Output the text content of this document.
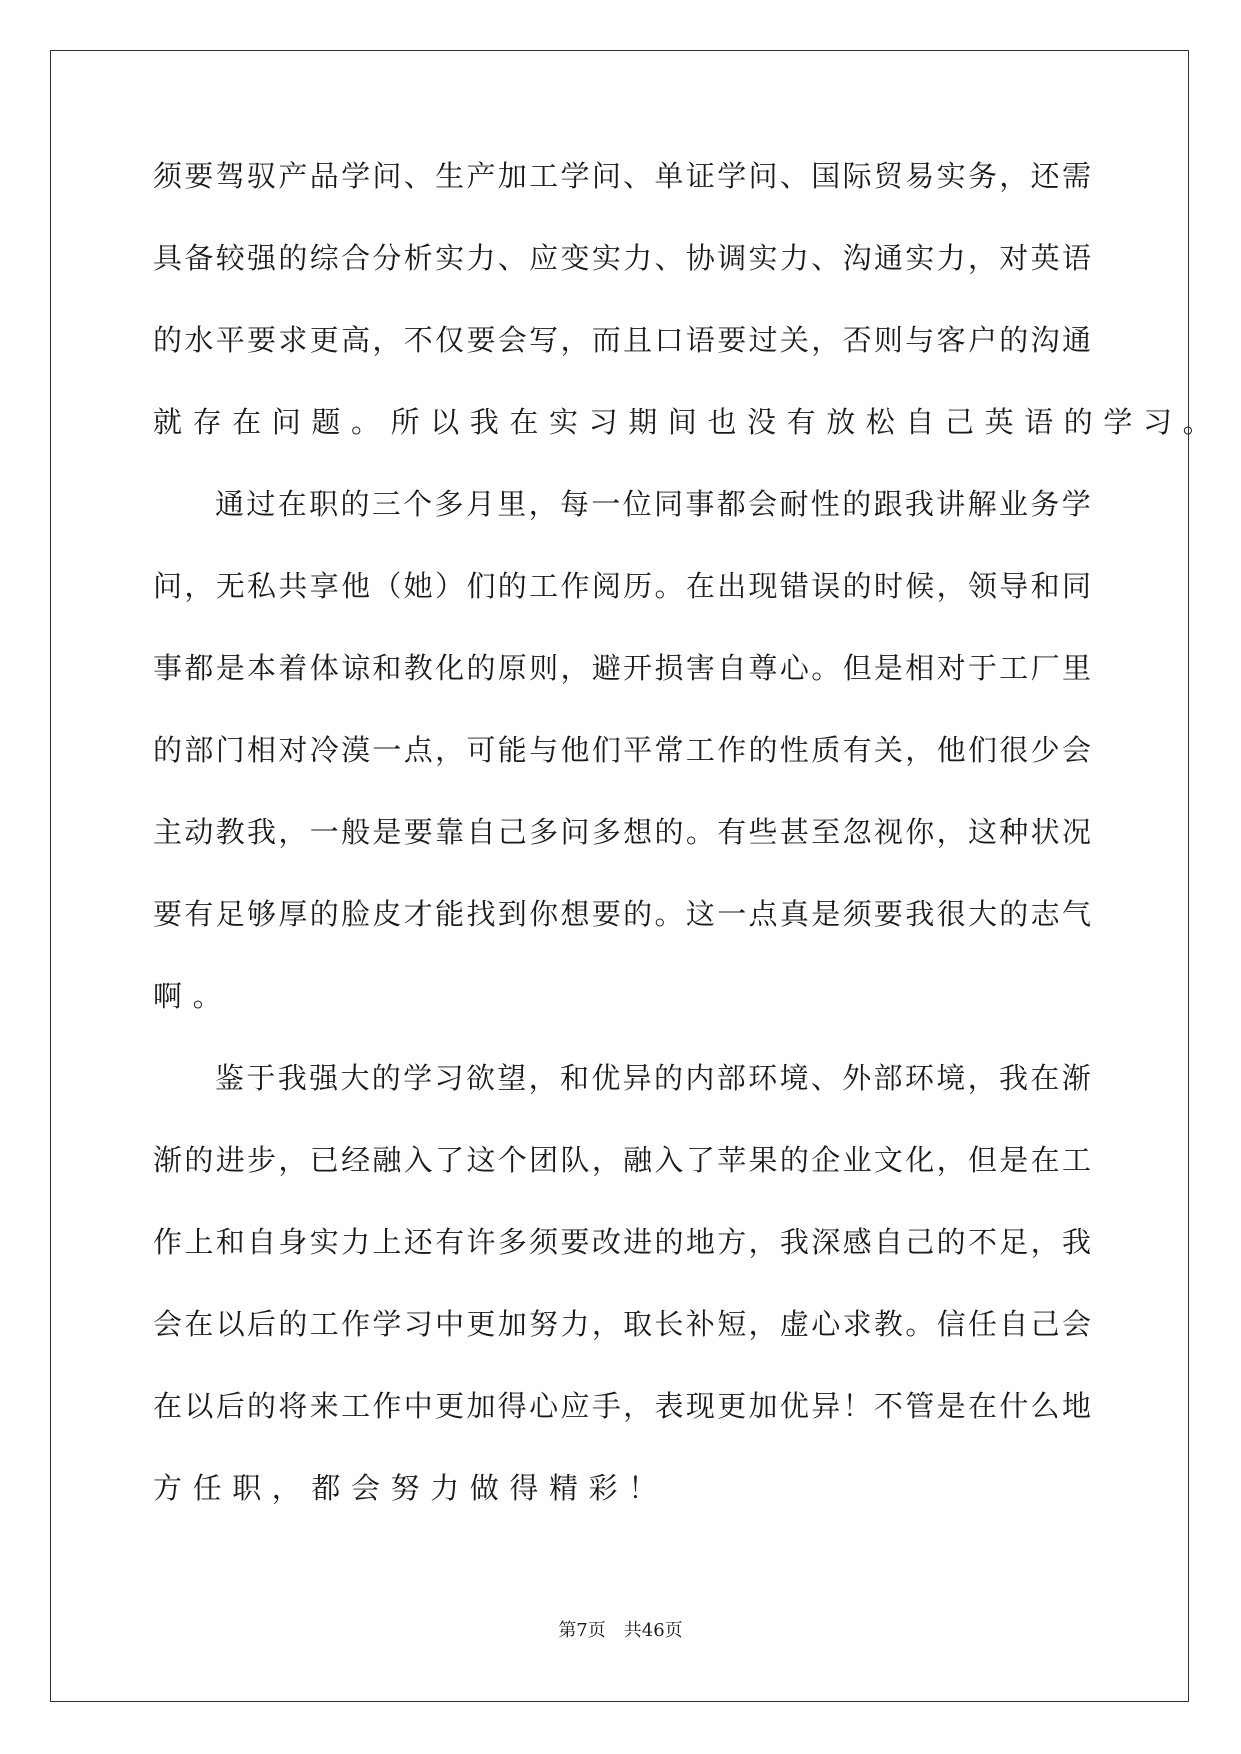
须 要 驾 驭 产 品 学 问 、 生 产 加 工 学 问 、 单 证 学 问 、 国 际 贸 易 实 务 ， 还 需
具 备 较 强 的 综 合 分 析 实 力 、 应 变 实 力 、 协 调 实 力 、 沟 通 实 力 ， 对 英 语
的 水 平 要 求 更 高 ， 不 仅 要 会 写 ， 而 且 口 语 要 过 关 ， 否 则 与 客 户 的 沟 通
就存在问题。所以我在实习期间也没有放松自己英语的学习。
通 过 在 职 的 三 个 多 月 里 ， 每 一 位 同 事 都 会 耐 性 的 跟 我 讲 解 业 务 学
问 ， 无 私 共 享 他 （ 她 ） 们 的 工 作 阅 历 。 在 出 现 错 误 的 时 候 ， 领 导 和 同
事 都 是 本 着 体 谅 和 教 化 的 原 则 ， 避 开 损 害 自 尊 心 。 但 是 相 对 于 工 厂 里
的 部 门 相 对 冷 漠 一 点 ， 可 能 与 他 们 平 常 工 作 的 性 质 有 关 ， 他 们 很 少 会
主 动 教 我 ， 一 般 是 要 靠 自 己 多 问 多 想 的 。 有 些 甚 至 忽 视 你 ， 这 种 状 况
要 有 足 够 厚 的 脸 皮 才 能 找 到 你 想 要 的 。 这 一 点 真 是 须 要 我 很 大 的 志 气
啊。
鉴 于 我 强 大 的 学 习 欲 望 ， 和 优 异 的 内 部 环 境 、 外 部 环 境 ， 我 在 渐
渐 的 进 步 ， 已 经 融 入 了 这 个 团 队 ， 融 入 了 苹 果 的 企 业 文 化 ， 但 是 在 工
作 上 和 自 身 实 力 上 还 有 许 多 须 要 改 进 的 地 方 ， 我 深 感 自 己 的 不 足 ， 我
会 在 以 后 的 工 作 学 习 中 更 加 努 力 ， 取 长 补 短 ， 虚 心 求 教 。 信 任 自 己 会
在 以 后 的 将 来 工 作 中 更 加 得 心 应 手 ， 表 现 更 加 优 异 ！ 不 管 是 在 什 么 地
方任职，都会努力做得精彩！
第7页　共46页
